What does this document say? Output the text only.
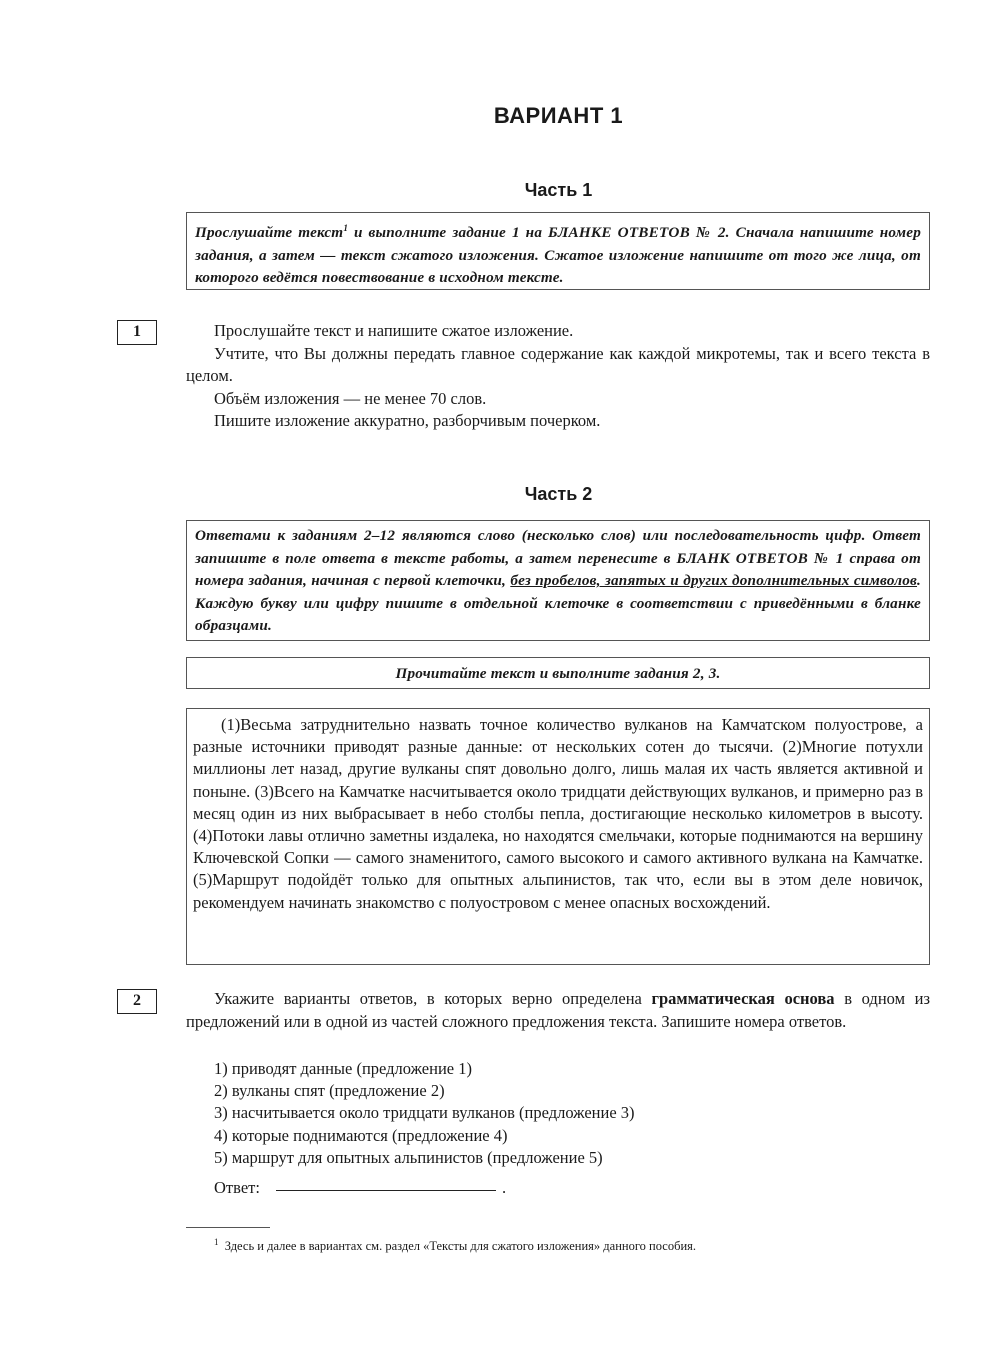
ВАРИАНТ 1
Часть 1
Прослушайте текст$^1$ и выполните задание 1 на БЛАНКЕ ОТВЕТОВ № 2. Сначала напишите номер задания, а затем — текст сжатого изложения. Сжатое изложение напишите от того же лица, от которого ведётся повествование в исходном тексте.
1	Прослушайте текст и напишите сжатое изложение.

Учтите, что Вы должны передать главное содержание как каждой микротемы, так и всего текста в целом.

Объём изложения — не менее 70 слов.

Пишите изложение аккуратно, разборчивым почерком.

Часть 2
Ответами к заданиям 2–12 являются слово (несколько слов) или последовательность цифр. Ответ запишите в поле ответа в тексте работы, а затем перенесите в БЛАНК ОТВЕТОВ № 1 справа от номера задания, начиная с первой клеточки, без пробелов, запятых и других дополнительных символов. Каждую букву или цифру пишите в отдельной клеточке в соответствии с приведёнными в бланке образцами.
Прочитайте текст и выполните задания 2, 3.

(1)Весьма затруднительно назвать точное количество вулканов на Камчатском полуострове, а разные источники приводят разные данные: от нескольких сотен до тысячи. (2)Многие потухли миллионы лет назад, другие вулканы спят довольно долго, лишь малая их часть является активной и поныне. (3)Всего на Камчатке насчитывается около тридцати действующих вулканов, и примерно раз в месяц один из них выбрасывает в небо столбы пепла, достигающие несколько километров в высоту. (4)Потоки лавы отлично заметны издалека, но находятся смельчаки, которые поднимаются на вершину Ключевской Сопки — самого знаменитого, самого высокого и самого активного вулкана на Камчатке. (5)Маршрут подойдёт только для опытных альпинистов, так что, если вы в этом деле новичок, рекомендуем начинать знакомство с полуостровом с менее опасных восхождений.

2	Укажите варианты ответов, в которых верно определена грамматическая основа в одном из предложений или в одной из частей сложного предложения текста. Запишите номера ответов.

1) приводят данные (предложение 1)
2) вулканы спят (предложение 2)
3) насчитывается около тридцати вулканов (предложение 3)
4) которые поднимаются (предложение 4)
5) маршрут для опытных альпинистов (предложение 5)
Ответ:	.
$^1$ Здесь и далее в вариантах см. раздел «Тексты для сжатого изложения» данного пособия.
